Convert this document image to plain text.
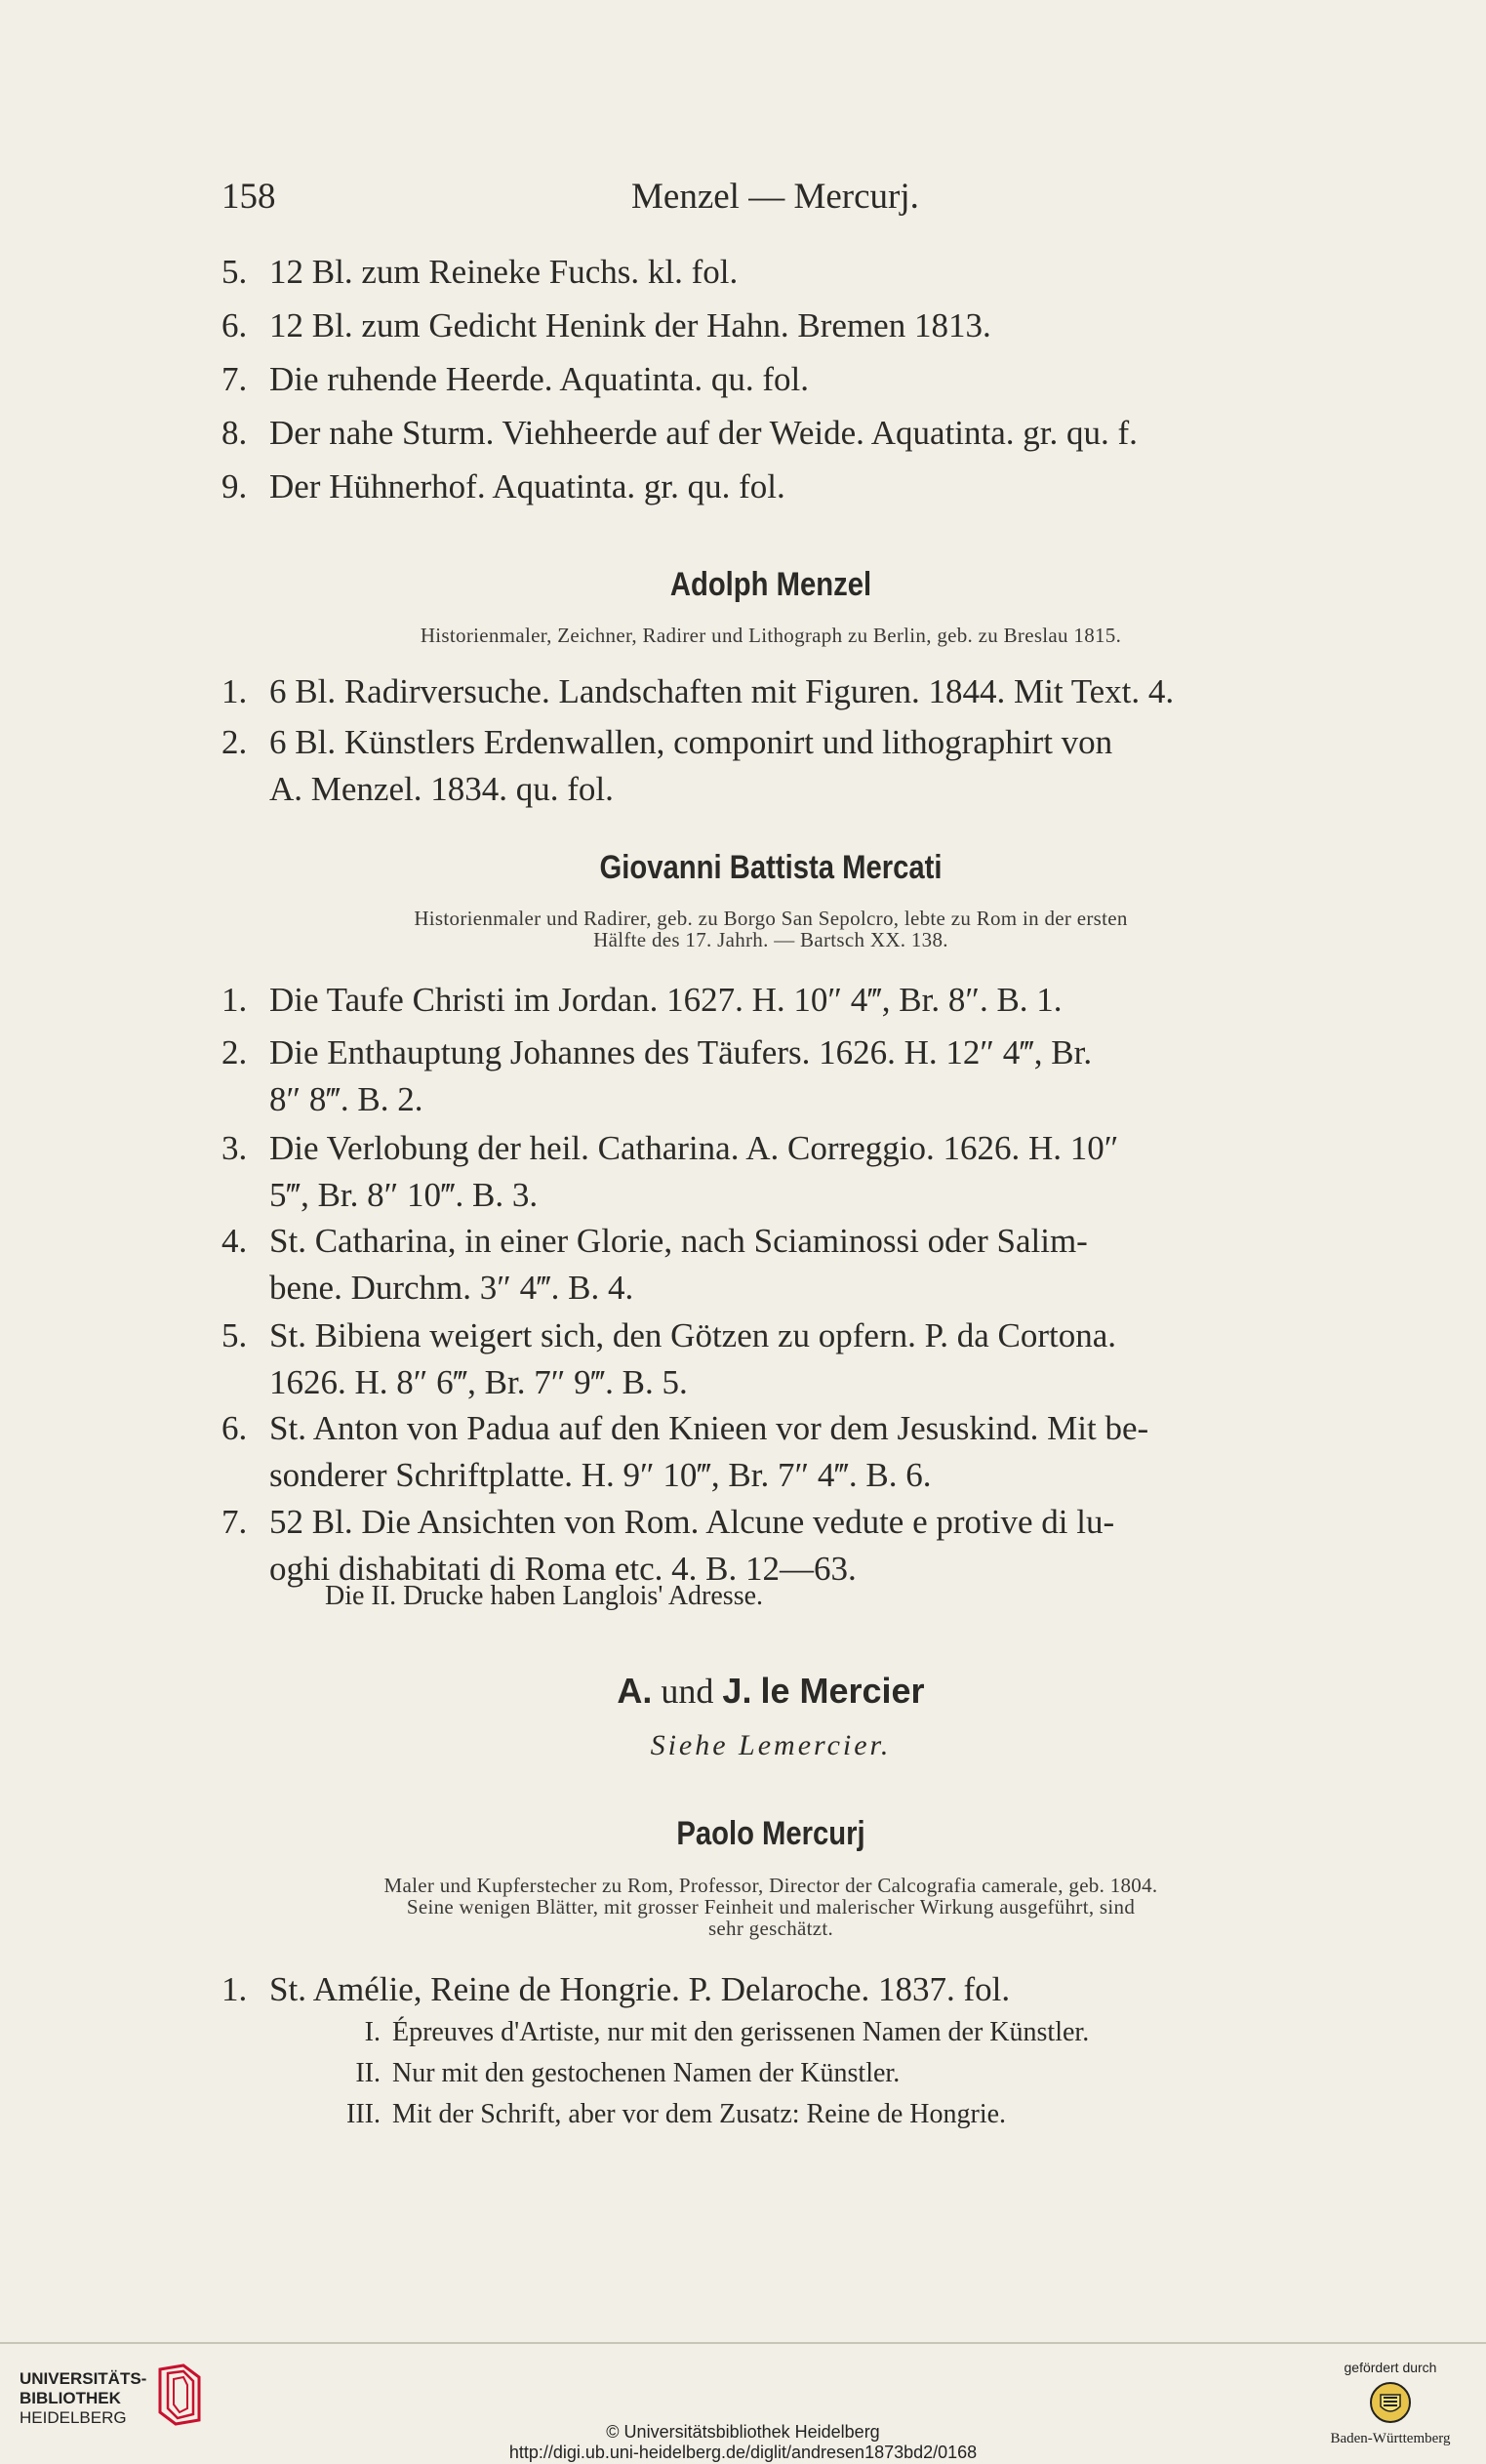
158	Menzel — Mercurj.
5. 12 Bl. zum Reineke Fuchs. kl. fol.
6. 12 Bl. zum Gedicht Henink der Hahn. Bremen 1813.
7. Die ruhende Heerde. Aquatinta. qu. fol.
8. Der nahe Sturm. Viehheerde auf der Weide. Aquatinta. gr. qu. f.
9. Der Hühnerhof. Aquatinta. gr. qu. fol.
Adolph Menzel
Historienmaler, Zeichner, Radirer und Lithograph zu Berlin, geb. zu Breslau 1815.
1. 6 Bl. Radirversuche. Landschaften mit Figuren. 1844. Mit Text. 4.
2. 6 Bl. Künstlers Erdenwallen, componirt und lithographirt von
A. Menzel. 1834. qu. fol.
Giovanni Battista Mercati
Historienmaler und Radirer, geb. zu Borgo San Sepolcro, lebte zu Rom in der ersten
Hälfte des 17. Jahrh. — Bartsch XX. 138.
1. Die Taufe Christi im Jordan. 1627. H. 10″ 4‴, Br. 8″. B. 1.
2. Die Enthauptung Johannes des Täufers. 1626. H. 12″ 4‴, Br.
8″ 8‴. B. 2.
3. Die Verlobung der heil. Catharina. A. Correggio. 1626. H. 10″
5‴, Br. 8″ 10‴. B. 3.
4. St. Catharina, in einer Glorie, nach Sciaminossi oder Salim-
bene. Durchm. 3″ 4‴. B. 4.
5. St. Bibiena weigert sich, den Götzen zu opfern. P. da Cortona.
1626. H. 8″ 6‴, Br. 7″ 9‴. B. 5.
6. St. Anton von Padua auf den Knieen vor dem Jesuskind. Mit be-
sonderer Schriftplatte. H. 9″ 10‴, Br. 7″ 4‴. B. 6.
7. 52 Bl. Die Ansichten von Rom. Alcune vedute e protive di lu-
oghi dishabitati di Roma etc. 4. B. 12—63.
Die II. Drucke haben Langlois' Adresse.
A. und J. le Mercier
Siehe Lemercier.
Paolo Mercurj
Maler und Kupferstecher zu Rom, Professor, Director der Calcografia camerale, geb. 1804.
Seine wenigen Blätter, mit grosser Feinheit und malerischer Wirkung ausgeführt, sind
sehr geschätzt.
1. St. Amélie, Reine de Hongrie. P. Delaroche. 1837. fol.
I. Épreuves d'Artiste, nur mit den gerissenen Namen der Künstler.
II. Nur mit den gestochenen Namen der Künstler.
III. Mit der Schrift, aber vor dem Zusatz: Reine de Hongrie.
UNIVERSITÄTS-
BIBLIOTHEK
HEIDELBERG
© Universitätsbibliothek Heidelberg
http://digi.ub.uni-heidelberg.de/diglit/andresen1873bd2/0168
gefördert durch
Baden-Württemberg
